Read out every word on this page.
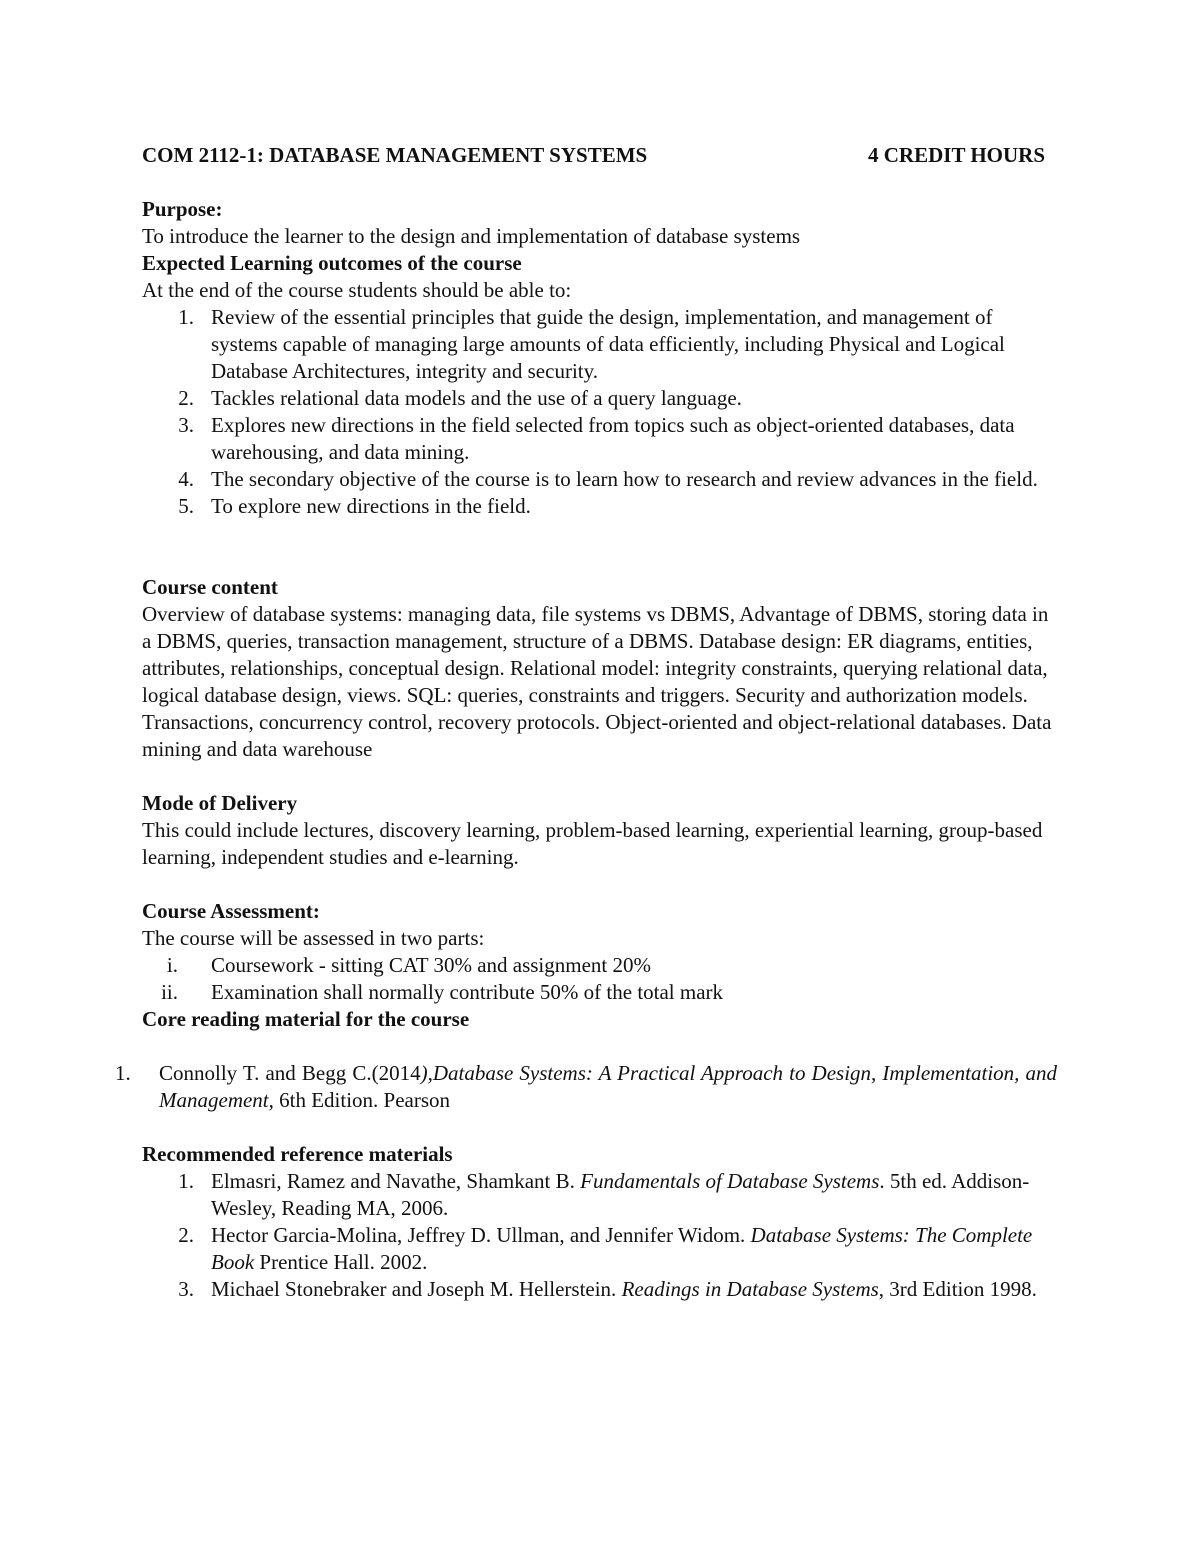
COM 2112-1: DATABASE MANAGEMENT SYSTEMS	4 CREDIT HOURS

Purpose:

To introduce the learner to the design and implementation of database systems

Expected Learning outcomes of the course

At the end of the course students should be able to:

1. Review of the essential principles that guide the design, implementation, and management of systems capable of managing large amounts of data efficiently, including Physical and Logical Database Architectures, integrity and security.
2. Tackles relational data models and the use of a query language.
3. Explores new directions in the field selected from topics such as object-oriented databases, data warehousing, and data mining.
4. The secondary objective of the course is to learn how to research and review advances in the field.
5. To explore new directions in the field.

Course content

Overview of database systems: managing data, file systems vs DBMS, Advantage of DBMS, storing data in a DBMS, queries, transaction management, structure of a DBMS. Database design: ER diagrams, entities, attributes, relationships, conceptual design. Relational model: integrity constraints, querying relational data, logical database design, views. SQL: queries, constraints and triggers. Security and authorization models. Transactions, concurrency control, recovery protocols. Object-oriented and object-relational databases. Data mining and data warehouse

Mode of Delivery

This could include lectures, discovery learning, problem-based learning, experiential learning, group-based learning, independent studies and e-learning.

Course Assessment:

The course will be assessed in two parts:

i. Coursework - sitting CAT 30% and assignment 20%
ii. Examination shall normally contribute 50% of the total mark

Core reading material for the course

1.	Connolly T. and Begg C.(2014),Database Systems: A Practical Approach to Design, Implementation, and Management, 6th Edition. Pearson

Recommended reference materials

1. Elmasri, Ramez and Navathe, Shamkant B. Fundamentals of Database Systems. 5th ed. Addison-Wesley, Reading MA, 2006.
2. Hector Garcia-Molina, Jeffrey D. Ullman, and Jennifer Widom. Database Systems: The Complete Book Prentice Hall. 2002.
3. Michael Stonebraker and Joseph M. Hellerstein. Readings in Database Systems, 3rd Edition 1998.
